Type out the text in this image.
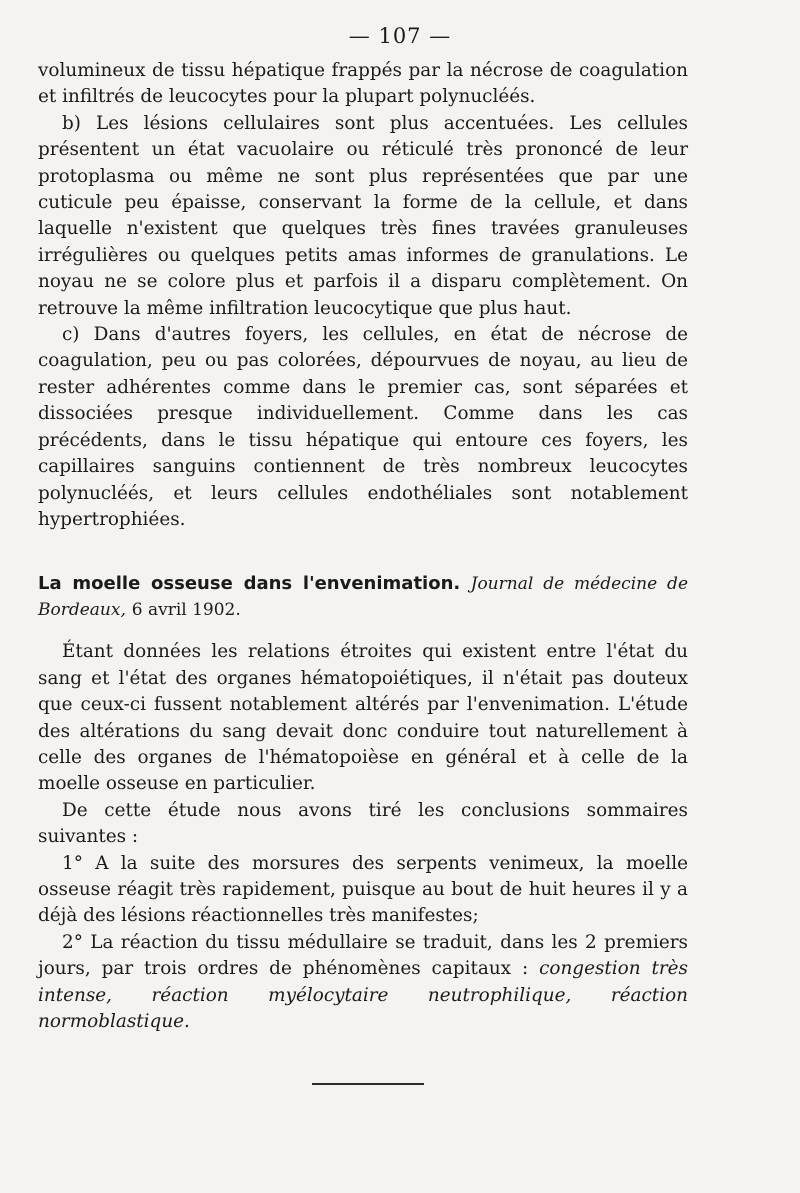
— 107 —

volumineux de tissu hépatique frappés par la nécrose de coagulation et infiltrés de leucocytes pour la plupart polynucléés.

b) Les lésions cellulaires sont plus accentuées. Les cellules présentent un état vacuolaire ou réticulé très prononcé de leur protoplasma ou même ne sont plus représentées que par une cuticule peu épaisse, conservant la forme de la cellule, et dans laquelle n'existent que quelques très fines travées granuleuses irrégulières ou quelques petits amas informes de granulations. Le noyau ne se colore plus et parfois il a disparu complètement. On retrouve la même infiltration leucocytique que plus haut.

c) Dans d'autres foyers, les cellules, en état de nécrose de coagulation, peu ou pas colorées, dépourvues de noyau, au lieu de rester adhérentes comme dans le premier cas, sont séparées et dissociées presque individuellement. Comme dans les cas précédents, dans le tissu hépatique qui entoure ces foyers, les capillaires sanguins contiennent de très nombreux leucocytes polynucléés, et leurs cellules endothéliales sont notablement hypertrophiées.

La moelle osseuse dans l'envenimation. Journal de médecine de Bordeaux, 6 avril 1902.

Étant données les relations étroites qui existent entre l'état du sang et l'état des organes hématopoiétiques, il n'était pas douteux que ceux-ci fussent notablement altérés par l'envenimation. L'étude des altérations du sang devait donc conduire tout naturellement à celle des organes de l'hématopoièse en général et à celle de la moelle osseuse en particulier.

De cette étude nous avons tiré les conclusions sommaires suivantes :

1° A la suite des morsures des serpents venimeux, la moelle osseuse réagit très rapidement, puisque au bout de huit heures il y a déjà des lésions réactionnelles très manifestes;

2° La réaction du tissu médullaire se traduit, dans les 2 premiers jours, par trois ordres de phénomènes capitaux : congestion très intense, réaction myélocytaire neutrophilique, réaction normoblastique.
